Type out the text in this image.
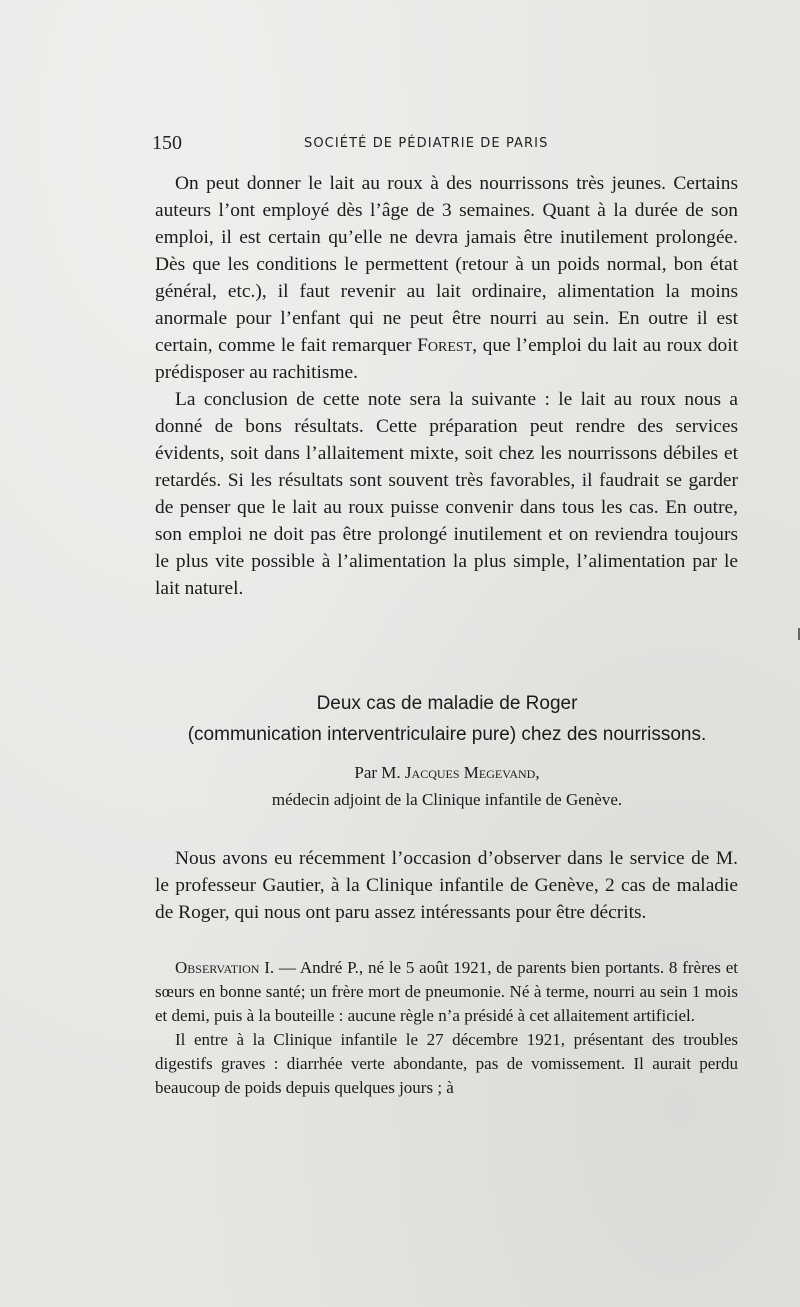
150	SOCIÉTÉ DE PÉDIATRIE DE PARIS

On peut donner le lait au roux à des nourrissons très jeunes. Certains auteurs l’ont employé dès l’âge de 3 semaines. Quant à la durée de son emploi, il est certain qu’elle ne devra jamais être inutilement prolongée. Dès que les conditions le permettent (retour à un poids normal, bon état général, etc.), il faut revenir au lait ordinaire, alimentation la moins anormale pour l’enfant qui ne peut être nourri au sein. En outre il est certain, comme le fait remarquer Forest, que l’emploi du lait au roux doit prédisposer au rachitisme.

La conclusion de cette note sera la suivante : le lait au roux nous a donné de bons résultats. Cette préparation peut rendre des services évidents, soit dans l’allaitement mixte, soit chez les nourrissons débiles et retardés. Si les résultats sont souvent très favorables, il faudrait se garder de penser que le lait au roux puisse convenir dans tous les cas. En outre, son emploi ne doit pas être prolongé inutilement et on reviendra toujours le plus vite possible à l’alimentation la plus simple, l’alimentation par le lait naturel.

Deux cas de maladie de Roger

(communication interventriculaire pure) chez des nourrissons.

Par M. Jacques Megevand,

médecin adjoint de la Clinique infantile de Genève.

Nous avons eu récemment l’occasion d’observer dans le service de M. le professeur Gautier, à la Clinique infantile de Genève, 2 cas de maladie de Roger, qui nous ont paru assez intéressants pour être décrits.

Observation I. — André P., né le 5 août 1921, de parents bien portants. 8 frères et sœurs en bonne santé; un frère mort de pneumonie. Né à terme, nourri au sein 1 mois et demi, puis à la bouteille : aucune règle n’a présidé à cet allaitement artificiel.

Il entre à la Clinique infantile le 27 décembre 1921, présentant des troubles digestifs graves : diarrhée verte abondante, pas de vomissement. Il aurait perdu beaucoup de poids depuis quelques jours ; à
